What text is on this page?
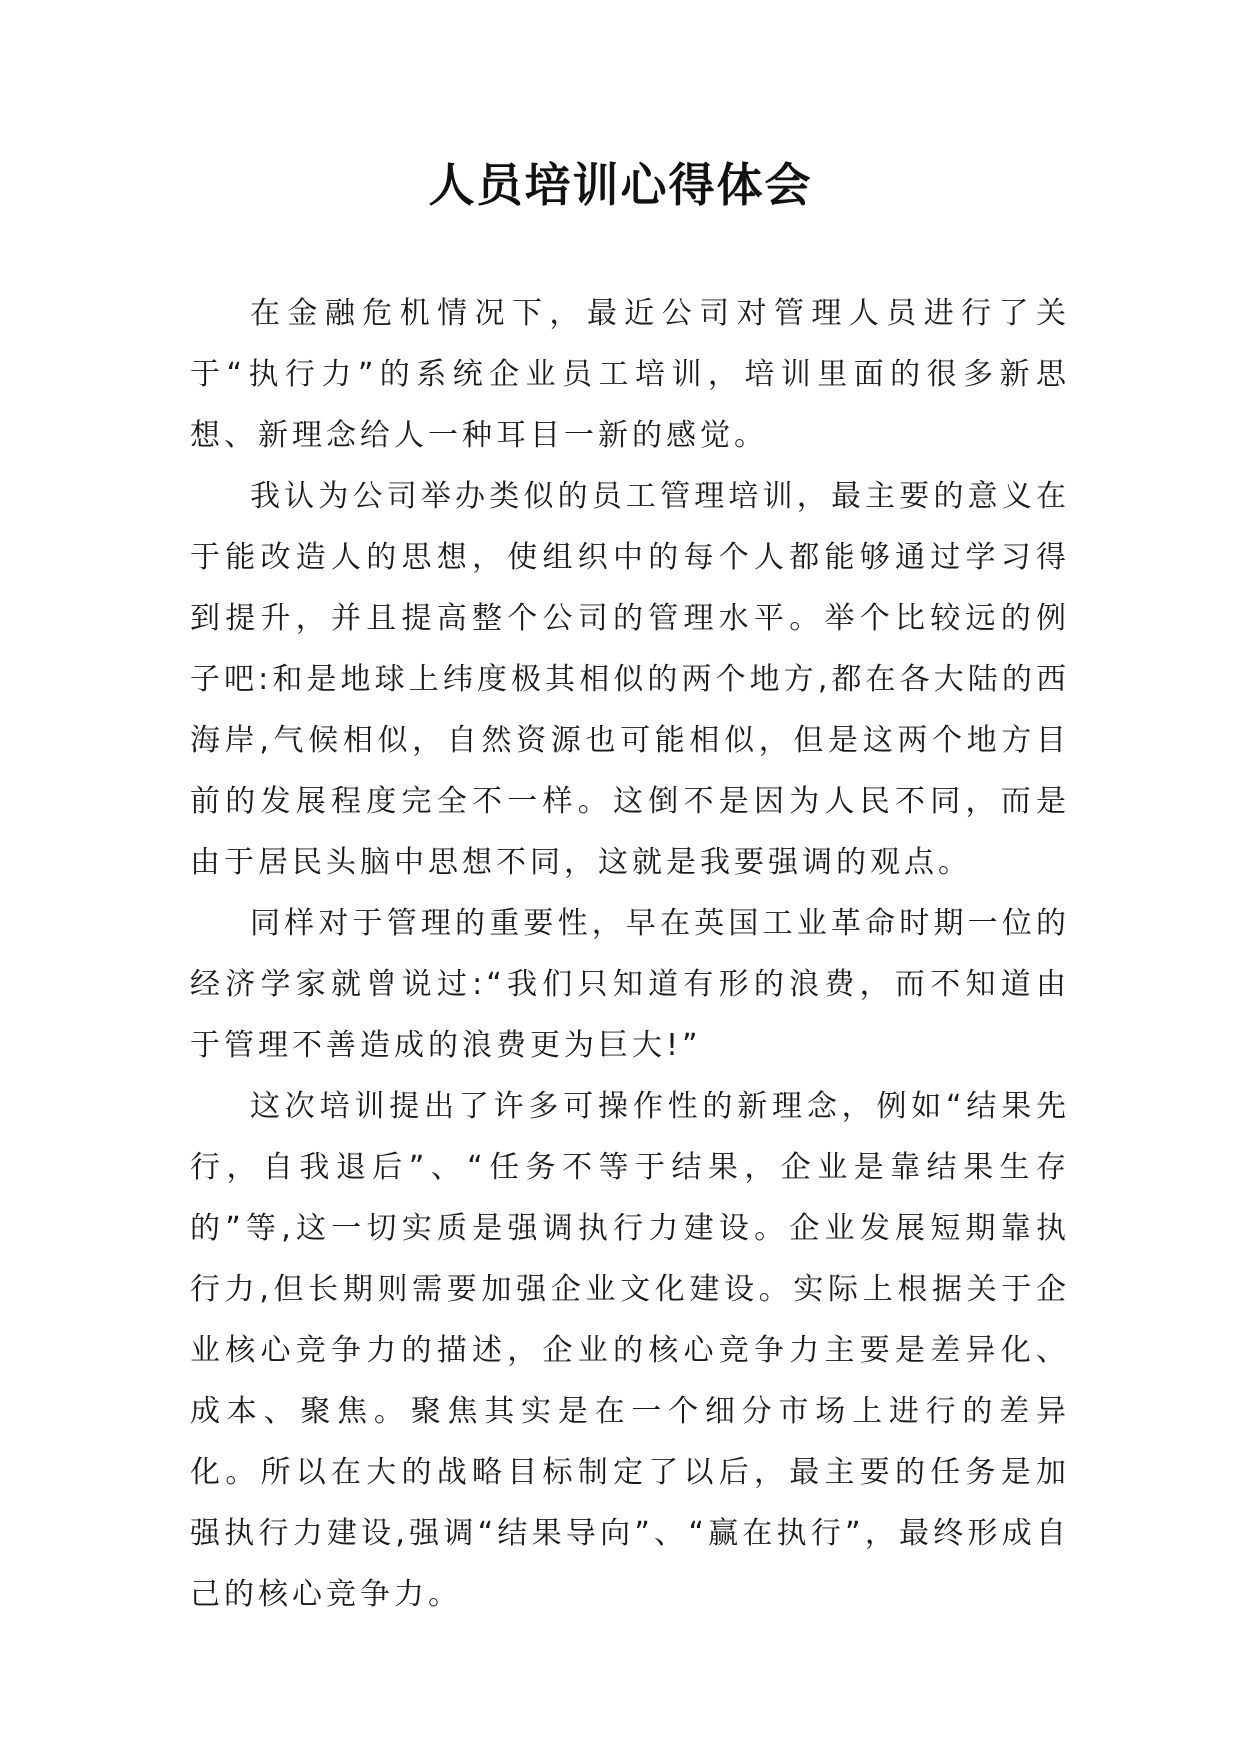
人员培训心得体会

在金融危机情况下，最近公司对管理人员进行了关于“执行力”的系统企业员工培训，培训里面的很多新思想、新理念给人一种耳目一新的感觉。

我认为公司举办类似的员工管理培训，最主要的意义在于能改造人的思想，使组织中的每个人都能够通过学习得到提升，并且提高整个公司的管理水平。举个比较远的例子吧:和是地球上纬度极其相似的两个地方,都在各大陆的西海岸,气候相似，自然资源也可能相似，但是这两个地方目前的发展程度完全不一样。这倒不是因为人民不同，而是由于居民头脑中思想不同，这就是我要强调的观点。

同样对于管理的重要性，早在英国工业革命时期一位的经济学家就曾说过:“我们只知道有形的浪费，而不知道由于管理不善造成的浪费更为巨大!”

这次培训提出了许多可操作性的新理念，例如“结果先行，自我退后”、“任务不等于结果，企业是靠结果生存的”等,这一切实质是强调执行力建设。企业发展短期靠执行力,但长期则需要加强企业文化建设。实际上根据关于企业核心竞争力的描述，企业的核心竞争力主要是差异化、成本、聚焦。聚焦其实是在一个细分市场上进行的差异化。所以在大的战略目标制定了以后，最主要的任务是加强执行力建设,强调“结果导向”、“赢在执行”，最终形成自己的核心竞争力。
